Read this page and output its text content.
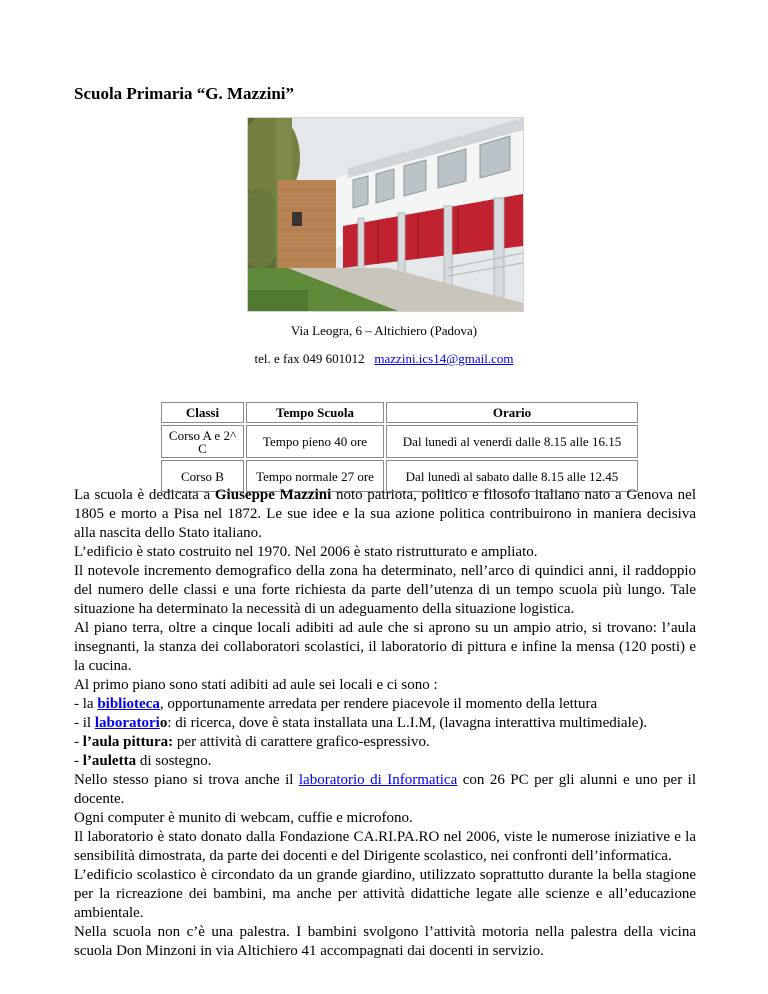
Scuola Primaria “G. Mazzini”
Via Leogra, 6 – Altichiero (Padova)
tel. e fax 049 601012 mazzini.ics14@gmail.com
Classi	Tempo Scuola	Orario
Corso A e 2^ C	Tempo pieno 40 ore	Dal lunedì al venerdì dalle 8.15 alle 16.15
Corso B	Tempo normale 27 ore	Dal lunedì al sabato dalle 8.15 alle 12.45

La scuola è dedicata a Giuseppe Mazzini noto patriota, politico e filosofo italiano nato a Genova nel 1805 e morto a Pisa nel 1872. Le sue idee e la sua azione politica contribuirono in maniera decisiva alla nascita dello Stato italiano.

L’edificio è stato costruito nel 1970. Nel 2006 è stato ristrutturato e ampliato.

Il notevole incremento demografico della zona ha determinato, nell’arco di quindici anni, il raddoppio del numero delle classi e una forte richiesta da parte dell’utenza di un tempo scuola più lungo. Tale situazione ha determinato la necessità di un adeguamento della situazione logistica.

Al piano terra, oltre a cinque locali adibiti ad aule che si aprono su un ampio atrio, si trovano: l’aula insegnanti, la stanza dei collaboratori scolastici, il laboratorio di pittura e infine la mensa (120 posti) e la cucina.

Al primo piano sono stati adibiti ad aule sei locali e ci sono :

- la biblioteca, opportunamente arredata per rendere piacevole il momento della lettura

- il laboratorio: di ricerca, dove è stata installata una L.I.M, (lavagna interattiva multimediale).

- l’aula pittura: per attività di carattere grafico-espressivo.

- l’auletta di sostegno.

Nello stesso piano si trova anche il laboratorio di Informatica con 26 PC per gli alunni e uno per il docente.

Ogni computer è munito di webcam, cuffie e microfono.

Il laboratorio è stato donato dalla Fondazione CA.RI.PA.RO nel 2006, viste le numerose iniziative e la sensibilità dimostrata, da parte dei docenti e del Dirigente scolastico, nei confronti dell’informatica.

L’edificio scolastico è circondato da un grande giardino, utilizzato soprattutto durante la bella stagione per la ricreazione dei bambini, ma anche per attività didattiche legate alle scienze e all’educazione ambientale.

Nella scuola non c’è una palestra. I bambini svolgono l’attività motoria nella palestra della vicina scuola Don Minzoni in via Altichiero 41 accompagnati dai docenti in servizio.
